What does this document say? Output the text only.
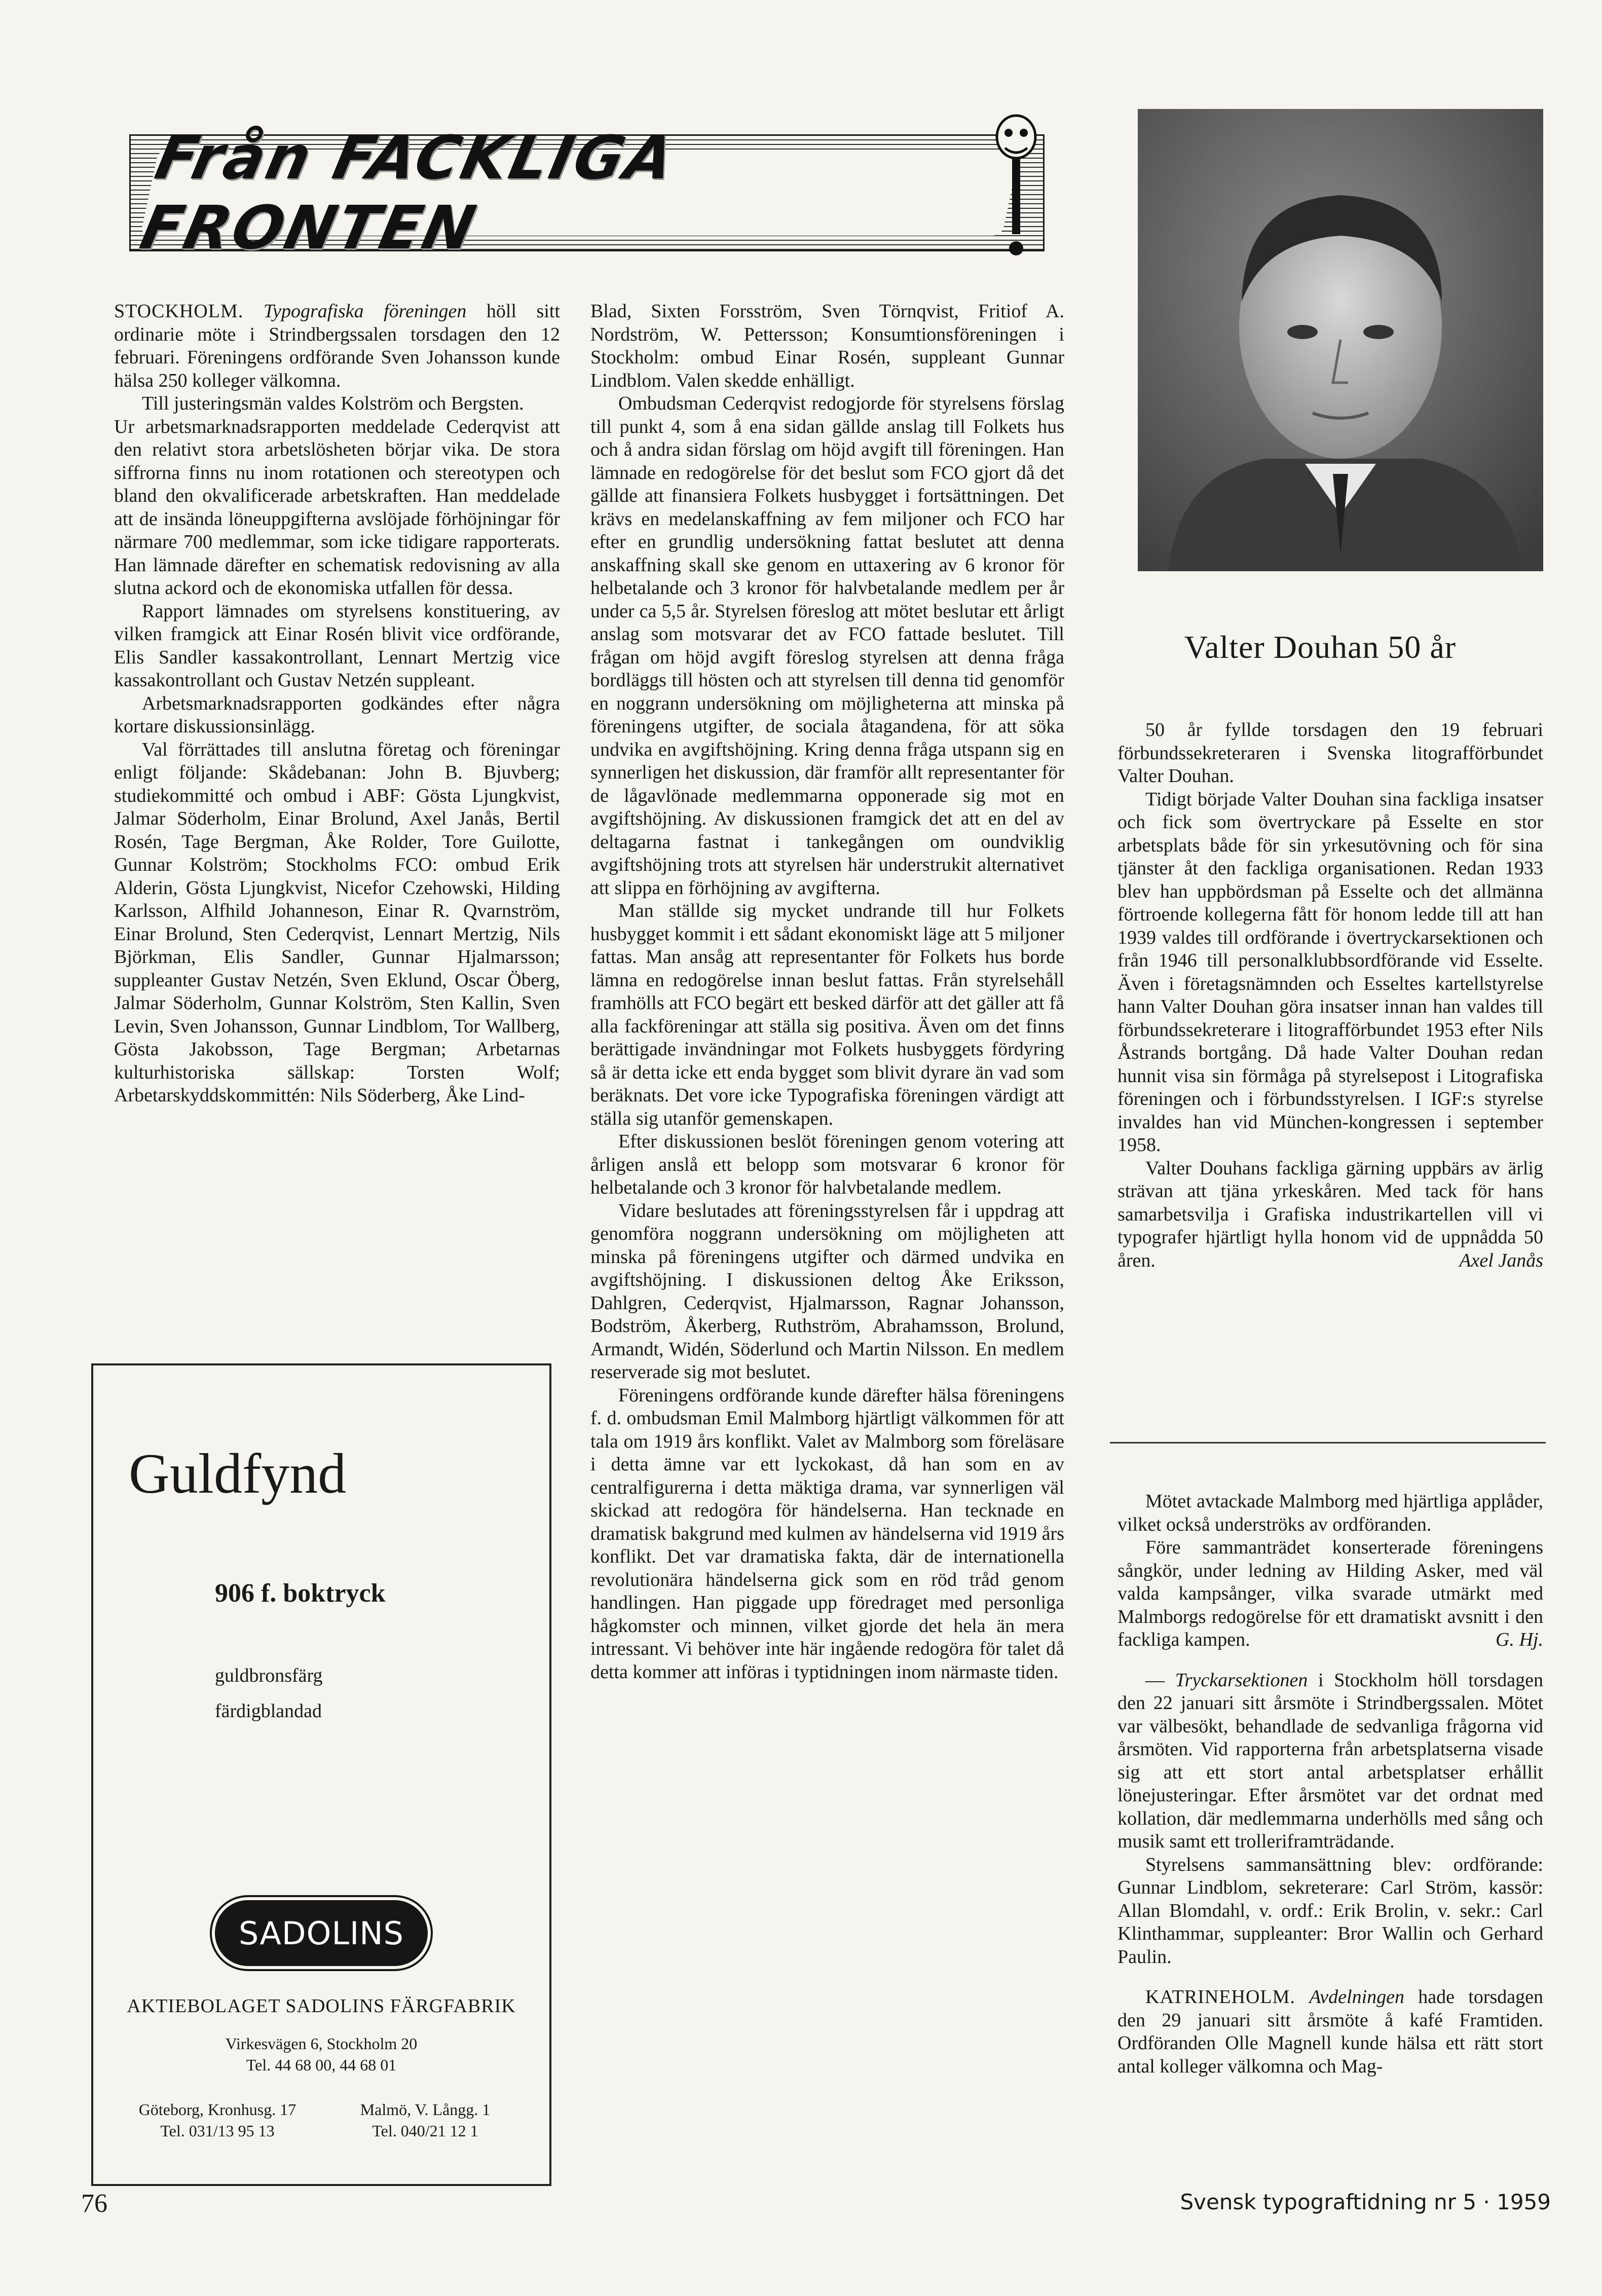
Från FACKLIGA FRONTEN
Valter Douhan 50 år

STOCKHOLM. Typografiska föreningen höll sitt ordinarie möte i Strindbergssalen torsdagen den 12 februari. Föreningens ordförande Sven Johansson kunde hälsa 250 kolleger välkomna.

Till justeringsmän valdes Kolström och Bergsten.

Ur arbetsmarknadsrapporten meddelade Cederqvist att den relativt stora arbetslösheten börjar vika. De stora siffrorna finns nu inom rotationen och stereotypen och bland den okvalificerade arbetskraften. Han meddelade att de insända löneuppgifterna avslöjade förhöjningar för närmare 700 medlemmar, som icke tidigare rapporterats. Han lämnade därefter en schematisk redovisning av alla slutna ackord och de ekonomiska utfallen för dessa.

Rapport lämnades om styrelsens konstituering, av vilken framgick att Einar Rosén blivit vice ordförande, Elis Sandler kassakontrollant, Lennart Mertzig vice kassakontrollant och Gustav Netzén suppleant.

Arbetsmarknadsrapporten godkändes efter några kortare diskussionsinlägg.

Val förrättades till anslutna företag och föreningar enligt följande: Skådebanan: John B. Bjuvberg; studiekommitté och ombud i ABF: Gösta Ljungkvist, Jalmar Söderholm, Einar Brolund, Axel Janås, Bertil Rosén, Tage Bergman, Åke Rolder, Tore Guilotte, Gunnar Kolström; Stockholms FCO: ombud Erik Alderin, Gösta Ljungkvist, Nicefor Czehowski, Hilding Karlsson, Alfhild Johanneson, Einar R. Qvarnström, Einar Brolund, Sten Cederqvist, Lennart Mertzig, Nils Björkman, Elis Sandler, Gunnar Hjalmarsson; suppleanter Gustav Netzén, Sven Eklund, Oscar Öberg, Jalmar Söderholm, Gunnar Kolström, Sten Kallin, Sven Levin, Sven Johansson, Gunnar Lindblom, Tor Wallberg, Gösta Jakobsson, Tage Bergman; Arbetarnas kulturhistoriska sällskap: Torsten Wolf; Arbetarskyddskommittén: Nils Söderberg, Åke Lind-

Guldfynd
906 f. boktryck
guldbronsfärg
färdigblandad
SADOLINS
AKTIEBOLAGET SADOLINS FÄRGFABRIK
Virkesvägen 6, Stockholm 20
Tel. 44 68 00, 44 68 01
Göteborg, Kronhusg. 17
Tel. 031/13 95 13
Malmö, V. Långg. 1
Tel. 040/21 12 1

Blad, Sixten Forsström, Sven Törnqvist, Fritiof A. Nordström, W. Pettersson; Konsumtionsföreningen i Stockholm: ombud Einar Rosén, suppleant Gunnar Lindblom. Valen skedde enhälligt.

Ombudsman Cederqvist redogjorde för styrelsens förslag till punkt 4, som å ena sidan gällde anslag till Folkets hus och å andra sidan förslag om höjd avgift till föreningen. Han lämnade en redogörelse för det beslut som FCO gjort då det gällde att finansiera Folkets husbygget i fortsättningen. Det krävs en medelanskaffning av fem miljoner och FCO har efter en grundlig undersökning fattat beslutet att denna anskaffning skall ske genom en uttaxering av 6 kronor för helbetalande och 3 kronor för halvbetalande medlem per år under ca 5,5 år. Styrelsen föreslog att mötet beslutar ett årligt anslag som motsvarar det av FCO fattade beslutet. Till frågan om höjd avgift föreslog styrelsen att denna fråga bordläggs till hösten och att styrelsen till denna tid genomför en noggrann undersökning om möjligheterna att minska på föreningens utgifter, de sociala åtagandena, för att söka undvika en avgiftshöjning. Kring denna fråga utspann sig en synnerligen het diskussion, där framför allt representanter för de lågavlönade medlemmarna opponerade sig mot en avgiftshöjning. Av diskussionen framgick det att en del av deltagarna fastnat i tankegången om oundviklig avgiftshöjning trots att styrelsen här understrukit alternativet att slippa en förhöjning av avgifterna.

Man ställde sig mycket undrande till hur Folkets husbygget kommit i ett sådant ekonomiskt läge att 5 miljoner fattas. Man ansåg att representanter för Folkets hus borde lämna en redogörelse innan beslut fattas. Från styrelsehåll framhölls att FCO begärt ett besked därför att det gäller att få alla fackföreningar att ställa sig positiva. Även om det finns berättigade invändningar mot Folkets husbyggets fördyring så är detta icke ett enda bygget som blivit dyrare än vad som beräknats. Det vore icke Typografiska föreningen värdigt att ställa sig utanför gemenskapen.

Efter diskussionen beslöt föreningen genom votering att årligen anslå ett belopp som motsvarar 6 kronor för helbetalande och 3 kronor för halvbetalande medlem.

Vidare beslutades att föreningsstyrelsen får i uppdrag att genomföra noggrann undersökning om möjligheten att minska på föreningens utgifter och därmed undvika en avgiftshöjning. I diskussionen deltog Åke Eriksson, Dahlgren, Cederqvist, Hjalmarsson, Ragnar Johansson, Bodström, Åkerberg, Ruthström, Abrahamsson, Brolund, Armandt, Widén, Söderlund och Martin Nilsson. En medlem reserverade sig mot beslutet.

Föreningens ordförande kunde därefter hälsa föreningens f. d. ombudsman Emil Malmborg hjärtligt välkommen för att tala om 1919 års konflikt. Valet av Malmborg som föreläsare i detta ämne var ett lyckokast, då han som en av centralfigurerna i detta mäktiga drama, var synnerligen väl skickad att redogöra för händelserna. Han tecknade en dramatisk bakgrund med kulmen av händelserna vid 1919 års konflikt. Det var dramatiska fakta, där de internationella revolutionära händelserna gick som en röd tråd genom handlingen. Han piggade upp föredraget med personliga hågkomster och minnen, vilket gjorde det hela än mera intressant. Vi behöver inte här ingående redogöra för talet då detta kommer att införas i typtidningen inom närmaste tiden.

50 år fyllde torsdagen den 19 februari förbundssekreteraren i Svenska litografförbundet Valter Douhan.

Tidigt började Valter Douhan sina fackliga insatser och fick som övertryckare på Esselte en stor arbetsplats både för sin yrkesutövning och för sina tjänster åt den fackliga organisationen. Redan 1933 blev han uppbördsman på Esselte och det allmänna förtroende kollegerna fått för honom ledde till att han 1939 valdes till ordförande i övertryckarsektionen och från 1946 till personalklubbsordförande vid Esselte. Även i företagsnämnden och Esseltes kartellstyrelse hann Valter Douhan göra insatser innan han valdes till förbundssekreterare i litografförbundet 1953 efter Nils Åstrands bortgång. Då hade Valter Douhan redan hunnit visa sin förmåga på styrelsepost i Litografiska föreningen och i förbundsstyrelsen. I IGF:s styrelse invaldes han vid München-kongressen i september 1958.

Valter Douhans fackliga gärning uppbärs av ärlig strävan att tjäna yrkeskåren. Med tack för hans samarbetsvilja i Grafiska industrikartellen vill vi typografer hjärtligt hylla honom vid de uppnådda 50 åren.	Axel Janås

Mötet avtackade Malmborg med hjärtliga applåder, vilket också underströks av ordföranden.

Före sammanträdet konserterade föreningens sångkör, under ledning av Hilding Asker, med väl valda kampsånger, vilka svarade utmärkt med Malmborgs redogörelse för ett dramatiskt avsnitt i den fackliga kampen.	G. Hj.

— Tryckarsektionen i Stockholm höll torsdagen den 22 januari sitt årsmöte i Strindbergssalen. Mötet var välbesökt, behandlade de sedvanliga frågorna vid årsmöten. Vid rapporterna från arbetsplatserna visade sig att ett stort antal arbetsplatser erhållit lönejusteringar. Efter årsmötet var det ordnat med kollation, där medlemmarna underhölls med sång och musik samt ett trolleriframträdande.

Styrelsens sammansättning blev: ordförande: Gunnar Lindblom, sekreterare: Carl Ström, kassör: Allan Blomdahl, v. ordf.: Erik Brolin, v. sekr.: Carl Klinthammar, suppleanter: Bror Wallin och Gerhard Paulin.

KATRINEHOLM. Avdelningen hade torsdagen den 29 januari sitt årsmöte å kafé Framtiden. Ordföranden Olle Magnell kunde hälsa ett rätt stort antal kolleger välkomna och Mag-

76	Svensk typograftidning nr 5 · 1959
